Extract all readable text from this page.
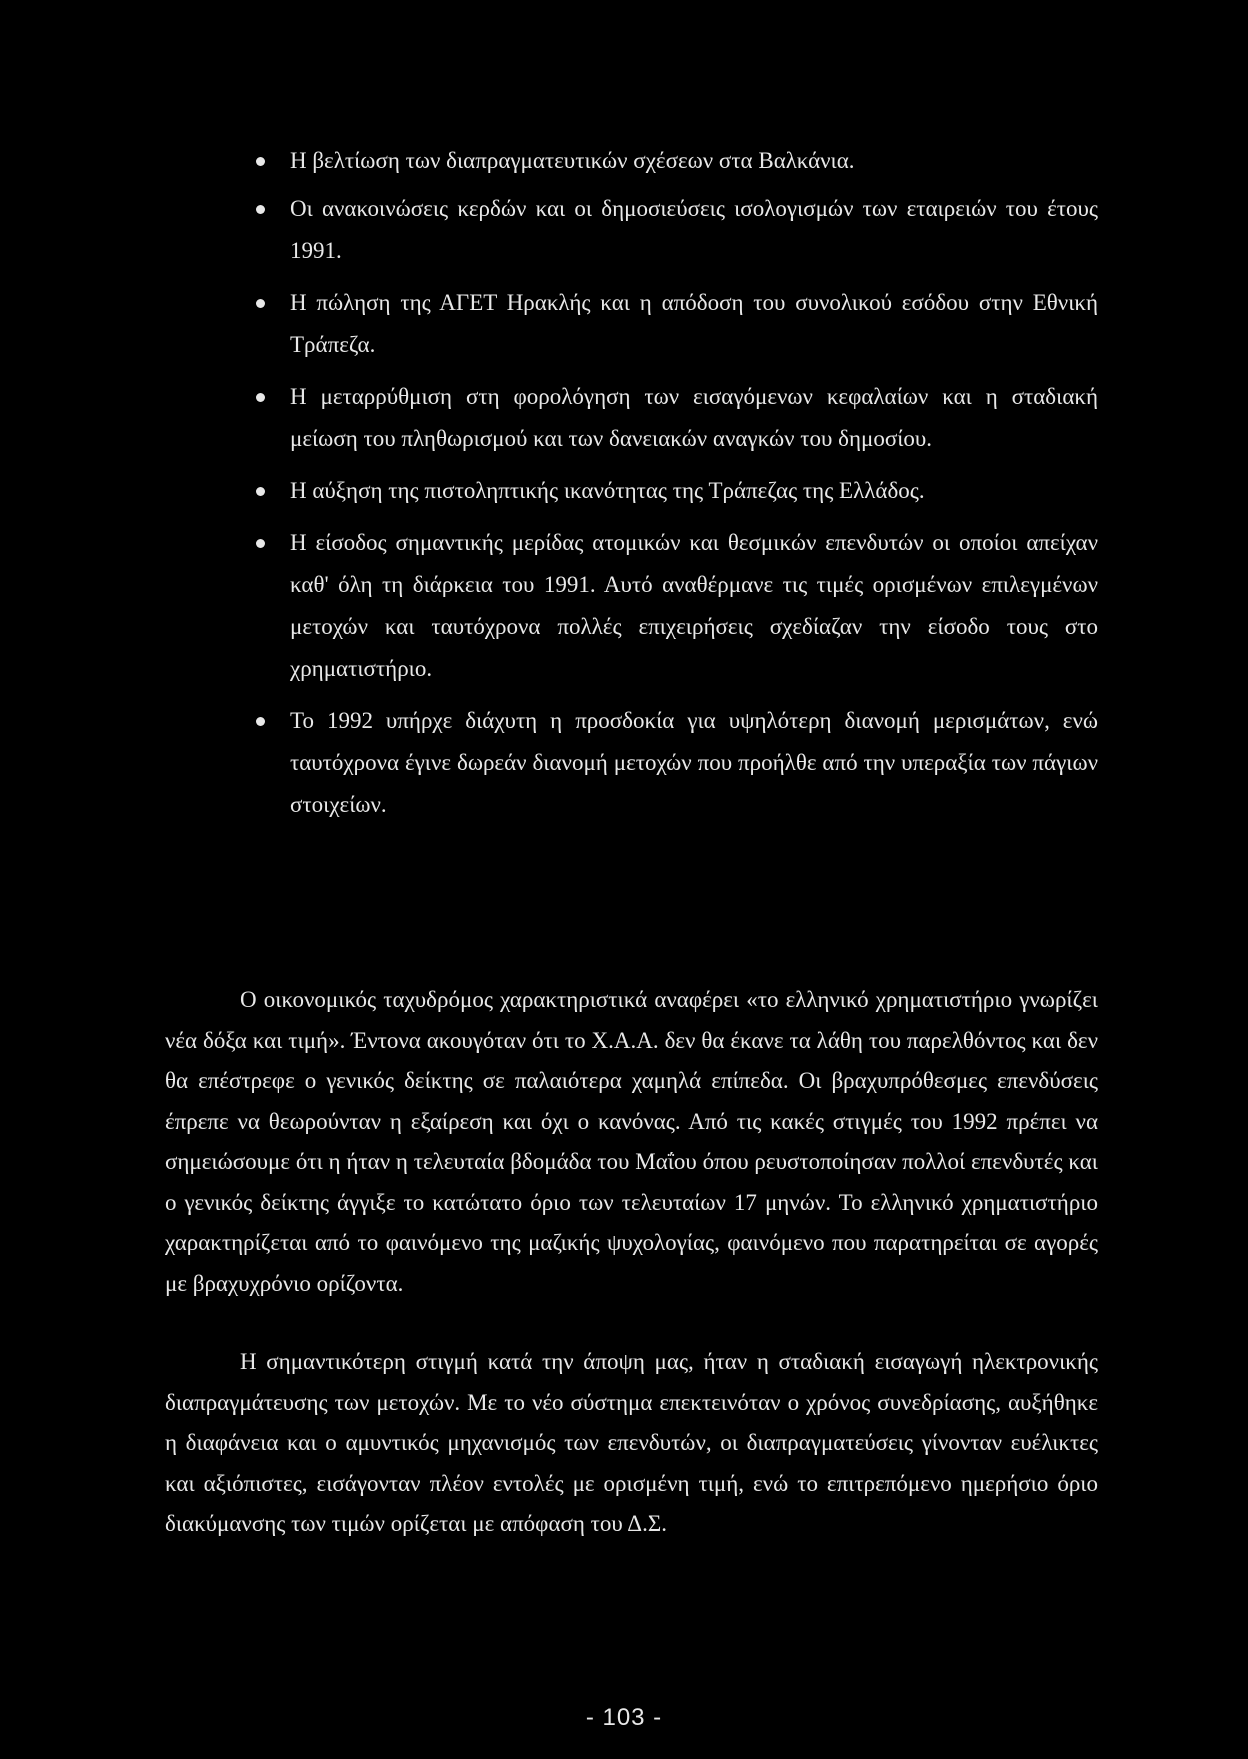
Η βελτίωση των διαπραγματευτικών σχέσεων στα Βαλκάνια.
Οι ανακοινώσεις κερδών και οι δημοσιεύσεις ισολογισμών των εταιρειών του έτους 1991.
Η πώληση της ΑΓΕΤ Ηρακλής και η απόδοση του συνολικού εσόδου στην Εθνική Τράπεζα.
Η μεταρρύθμιση στη φορολόγηση των εισαγόμενων κεφαλαίων και η σταδιακή μείωση του πληθωρισμού και των δανειακών αναγκών του δημοσίου.
Η αύξηση της πιστοληπτικής ικανότητας της Τράπεζας της Ελλάδος.
Η είσοδος σημαντικής μερίδας ατομικών και θεσμικών επενδυτών οι οποίοι απείχαν καθ' όλη τη διάρκεια του 1991. Αυτό αναθέρμανε τις τιμές ορισμένων επιλεγμένων μετοχών και ταυτόχρονα πολλές επιχειρήσεις σχεδίαζαν την είσοδο τους στο χρηματιστήριο.
Το 1992 υπήρχε διάχυτη η προσδοκία για υψηλότερη διανομή μερισμάτων, ενώ ταυτόχρονα έγινε δωρεάν διανομή μετοχών που προήλθε από την υπεραξία των πάγιων στοιχείων.

Ο οικονομικός ταχυδρόμος χαρακτηριστικά αναφέρει «το ελληνικό χρηματιστήριο γνωρίζει νέα δόξα και τιμή». Έντονα ακουγόταν ότι το Χ.Α.Α. δεν θα έκανε τα λάθη του παρελθόντος και δεν θα επέστρεφε ο γενικός δείκτης σε παλαιότερα χαμηλά επίπεδα. Οι βραχυπρόθεσμες επενδύσεις έπρεπε να θεωρούνταν η εξαίρεση και όχι ο κανόνας. Από τις κακές στιγμές του 1992 πρέπει να σημειώσουμε ότι η ήταν η τελευταία βδομάδα του Μαΐου όπου ρευστοποίησαν πολλοί επενδυτές και ο γενικός δείκτης άγγιξε το κατώτατο όριο των τελευταίων 17 μηνών. Το ελληνικό χρηματιστήριο χαρακτηρίζεται από το φαινόμενο της μαζικής ψυχολογίας, φαινόμενο που παρατηρείται σε αγορές με βραχυχρόνιο ορίζοντα.

Η σημαντικότερη στιγμή κατά την άποψη μας, ήταν η σταδιακή εισαγωγή ηλεκτρονικής διαπραγμάτευσης των μετοχών. Με το νέο σύστημα επεκτεινόταν ο χρόνος συνεδρίασης, αυξήθηκε η διαφάνεια και ο αμυντικός μηχανισμός των επενδυτών, οι διαπραγματεύσεις γίνονταν ευέλικτες και αξιόπιστες, εισάγονταν πλέον εντολές με ορισμένη τιμή, ενώ το επιτρεπόμενο ημερήσιο όριο διακύμανσης των τιμών ορίζεται με απόφαση του Δ.Σ.

- 103 -
